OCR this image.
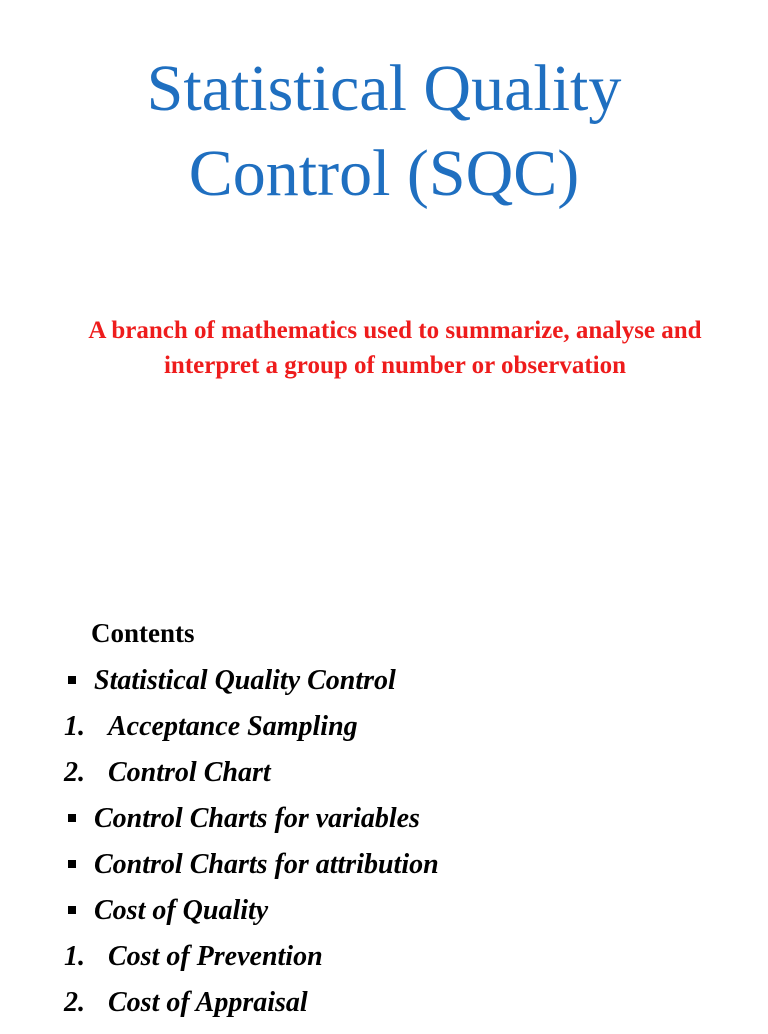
Statistical Quality
Control (SQC)

A branch of mathematics used to summarize, analyse and

interpret a group of number or observation

Contents
Statistical Quality Control
1. Acceptance Sampling
2. Control Chart
Control Charts for variables
Control Charts for attribution
Cost of Quality
1. Cost of Prevention
2. Cost of Appraisal
